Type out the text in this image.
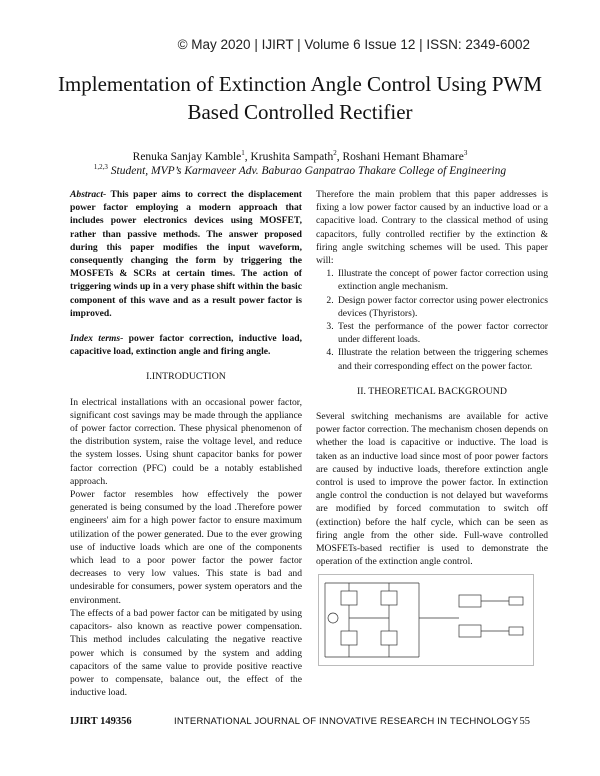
© May 2020 | IJIRT | Volume 6 Issue 12 | ISSN: 2349-6002
Implementation of Extinction Angle Control Using PWM
Based Controlled Rectifier
Renuka Sanjay Kamble$^1$, Krushita Sampath$^2$, Roshani Hemant Bhamare$^3$
$^{1,2,3}$ Student, MVP’s Karmaveer Adv. Baburao Ganpatrao Thakare College of Engineering

Abstract- This paper aims to correct the displacement power factor employing a modern approach that includes power electronics devices using MOSFET, rather than passive methods. The answer proposed during this paper modifies the input waveform, consequently changing the form by triggering the MOSFETs & SCRs at certain times. The action of triggering winds up in a very phase shift within the basic component of this wave and as a result power factor is improved.

Index terms- power factor correction, inductive load, capacitive load, extinction angle and firing angle.

I.INTRODUCTION

In electrical installations with an occasional power factor, significant cost savings may be made through the appliance of power factor correction. These physical phenomenon of the distribution system, raise the voltage level, and reduce the system losses. Using shunt capacitor banks for power factor correction (PFC) could be a notably established approach.

Power factor resembles how effectively the power generated is being consumed by the load .Therefore power engineers' aim for a high power factor to ensure maximum utilization of the power generated. Due to the ever growing use of inductive loads which are one of the components which lead to a poor power factor the power factor decreases to very low values. This state is bad and undesirable for consumers, power system operators and the environment.

The effects of a bad power factor can be mitigated by using capacitors- also known as reactive power compensation. This method includes calculating the negative reactive power which is consumed by the system and adding capacitors of the same value to provide positive reactive power to compensate, balance out, the effect of the inductive load.

Therefore the main problem that this paper addresses is fixing a low power factor caused by an inductive load or a capacitive load. Contrary to the classical method of using capacitors, fully controlled rectifier by the extinction & firing angle switching schemes will be used. This paper will:

1. Illustrate the concept of power factor correction using extinction angle mechanism.
2. Design power factor corrector using power electronics devices (Thyristors).
3. Test the performance of the power factor corrector under different loads.
4. Illustrate the relation between the triggering schemes and their corresponding effect on the power factor.
II. THEORETICAL BACKGROUND

Several switching mechanisms are available for active power factor correction. The mechanism chosen depends on whether the load is capacitive or inductive. The load is taken as an inductive load since most of poor power factors are caused by inductive loads, therefore extinction angle control is used to improve the power factor. In extinction angle control the conduction is not delayed but waveforms are modified by forced commutation to switch off (extinction) before the half cycle, which can be seen as firing angle from the other side. Full-wave controlled MOSFETs-based rectifier is used to demonstrate the operation of the extinction angle control.

IJIRT 149356	INTERNATIONAL JOURNAL OF INNOVATIVE RESEARCH IN TECHNOLOGY 55
